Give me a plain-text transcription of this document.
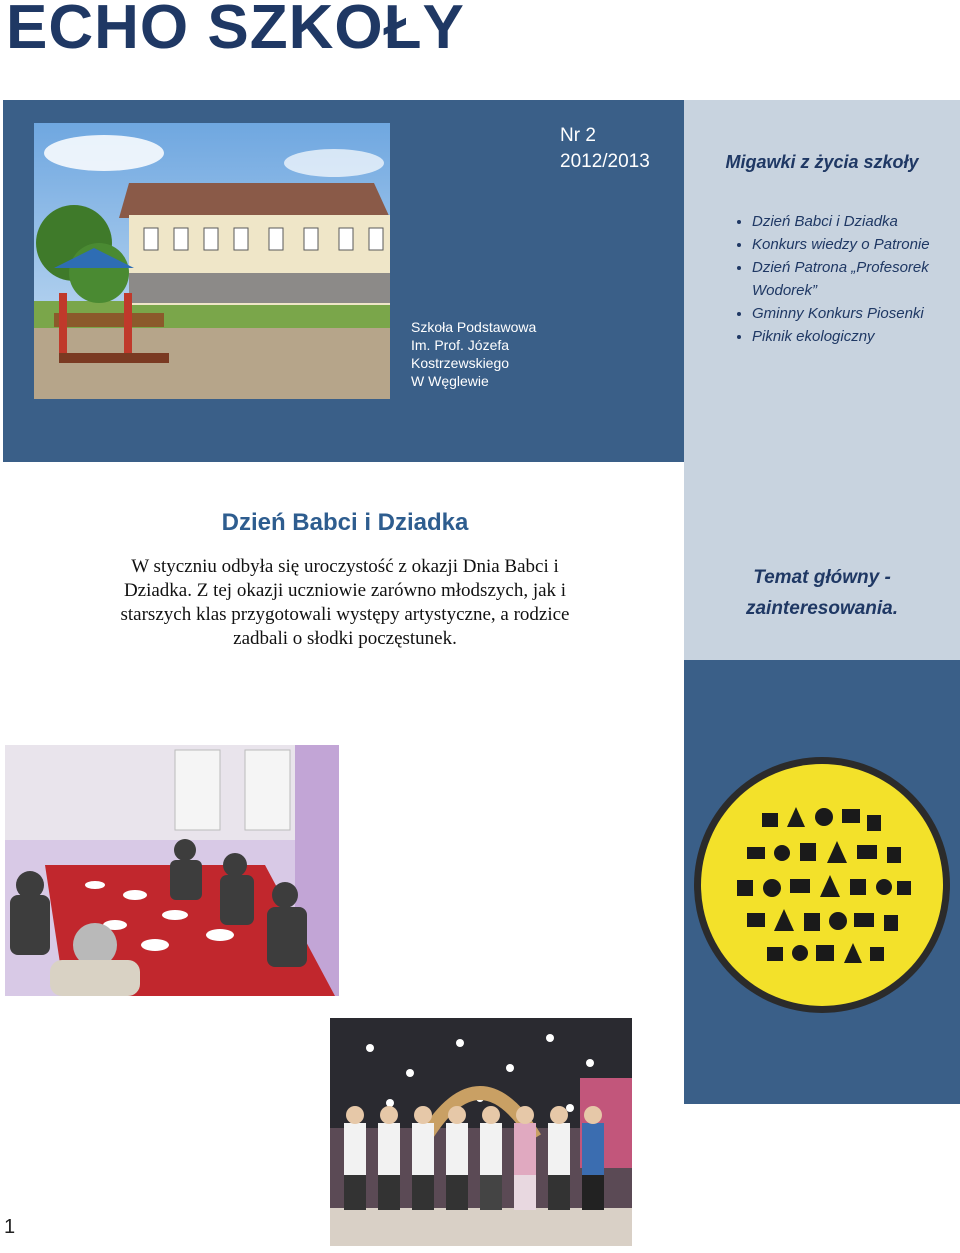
ECHO SZKOŁY
Szkoła Podstawowa
Im. Prof. Józefa
Kostrzewskiego
W Węglewie
Nr 2
2012/2013	Migawki z życia szkoły
• Dzień Babci i Dziadka
• Konkurs wiedzy o Patronie
• Dzień Patrona „Profesorek Wodorek”
• Gminny Konkurs Piosenki
• Piknik ekologiczny
Dzień Babci i Dziadka
W styczniu odbyła się uroczystość z okazji Dnia Babci i Dziadka. Z tej okazji uczniowie zarówno młodszych, jak i starszych klas przygotowali występy artystyczne, a rodzice zadbali o słodki poczęstunek.
Temat główny -
zainteresowania.
1
